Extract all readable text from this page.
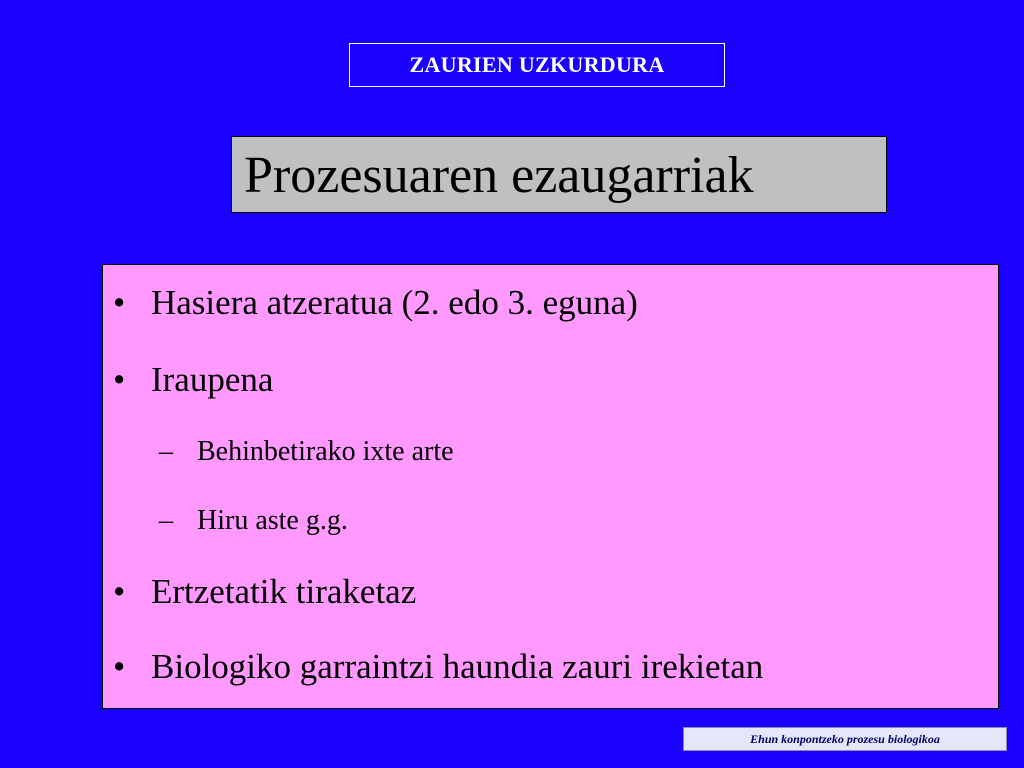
ZAURIEN UZKURDURA
Prozesuaren ezaugarriak
• Hasiera atzeratua (2. edo 3. eguna)
• Iraupena
– Behinbetirako ixte arte
– Hiru aste g.g.
• Ertzetatik tiraketaz
• Biologiko garraintzi haundia zauri irekietan
Ehun konpontzeko prozesu biologikoa
